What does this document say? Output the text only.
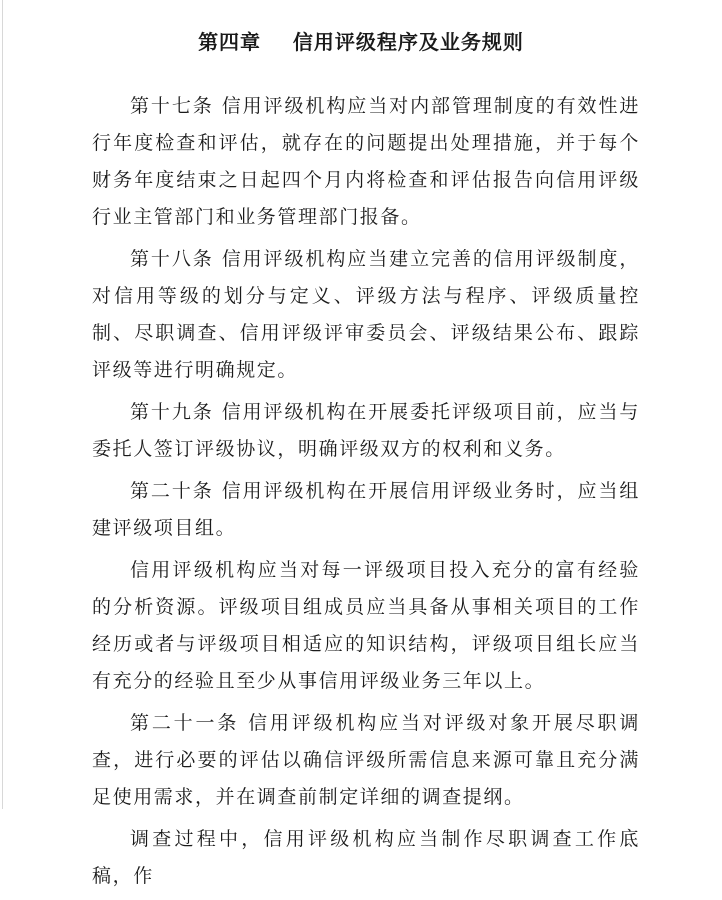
第四章    信用评级程序及业务规则

第十七条 信用评级机构应当对内部管理制度的有效性进行年度检查和评估，就存在的问题提出处理措施，并于每个财务年度结束之日起四个月内将检查和评估报告向信用评级行业主管部门和业务管理部门报备。

第十八条 信用评级机构应当建立完善的信用评级制度，对信用等级的划分与定义、评级方法与程序、评级质量控制、尽职调查、信用评级评审委员会、评级结果公布、跟踪评级等进行明确规定。

第十九条 信用评级机构在开展委托评级项目前，应当与委托人签订评级协议，明确评级双方的权利和义务。

第二十条 信用评级机构在开展信用评级业务时，应当组建评级项目组。

信用评级机构应当对每一评级项目投入充分的富有经验的分析资源。评级项目组成员应当具备从事相关项目的工作经历或者与评级项目相适应的知识结构，评级项目组长应当有充分的经验且至少从事信用评级业务三年以上。

第二十一条 信用评级机构应当对评级对象开展尽职调查，进行必要的评估以确信评级所需信息来源可靠且充分满足使用需求，并在调查前制定详细的调查提纲。

调查过程中，信用评级机构应当制作尽职调查工作底稿，作
